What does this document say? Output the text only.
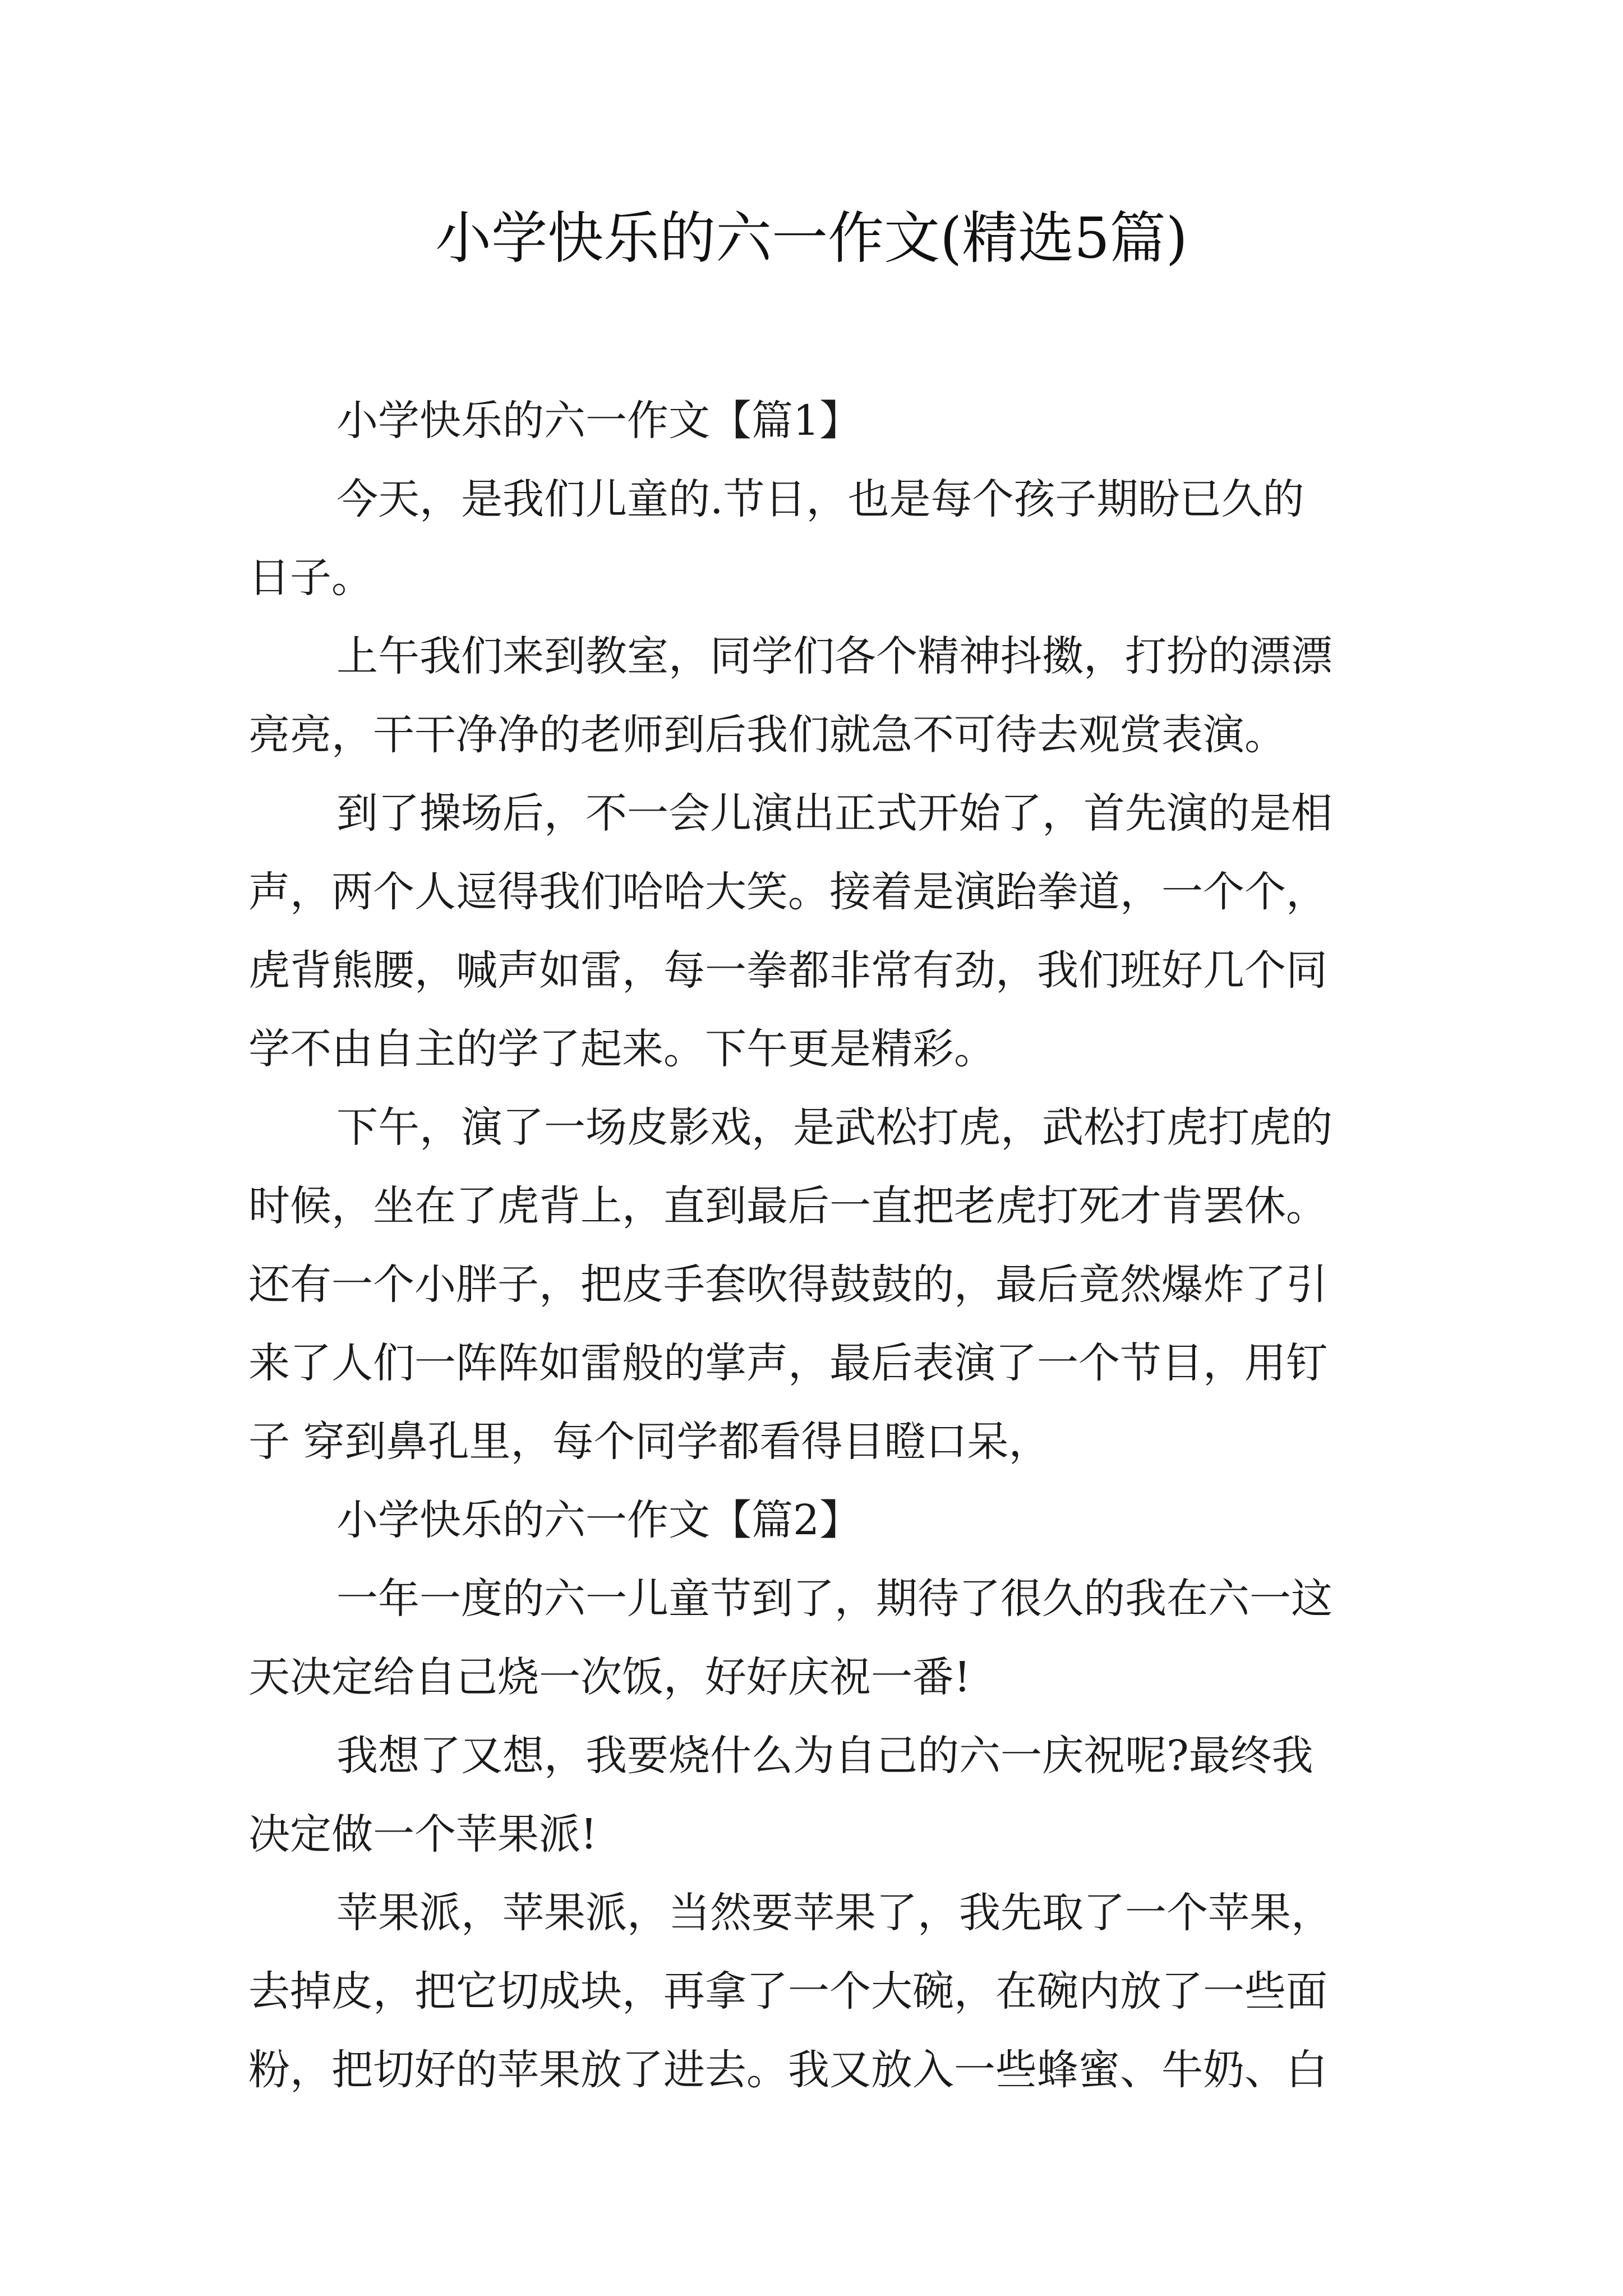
小学快乐的六一作文(精选5篇)
小学快乐的六一作文【篇1】
今天，是我们儿童的.节日，也是每个孩子期盼已久的
日子。
上午我们来到教室，同学们各个精神抖擞，打扮的漂漂
亮亮，干干净净的老师到后我们就急不可待去观赏表演。
到了操场后，不一会儿演出正式开始了，首先演的是相
声，两个人逗得我们哈哈大笑。接着是演跆拳道，一个个，
虎背熊腰，喊声如雷，每一拳都非常有劲，我们班好几个同
学不由自主的学了起来。下午更是精彩。
下午，演了一场皮影戏，是武松打虎，武松打虎打虎的
时候，坐在了虎背上，直到最后一直把老虎打死才肯罢休。
还有一个小胖子，把皮手套吹得鼓鼓的，最后竟然爆炸了引
来了人们一阵阵如雷般的掌声，最后表演了一个节目，用钉
子 穿到鼻孔里，每个同学都看得目瞪口呆，
小学快乐的六一作文【篇2】
一年一度的六一儿童节到了，期待了很久的我在六一这
天决定给自己烧一次饭，好好庆祝一番!
我想了又想，我要烧什么为自己的六一庆祝呢?最终我
决定做一个苹果派!
苹果派，苹果派，当然要苹果了，我先取了一个苹果，
去掉皮，把它切成块，再拿了一个大碗，在碗内放了一些面
粉，把切好的苹果放了进去。我又放入一些蜂蜜、牛奶、白
